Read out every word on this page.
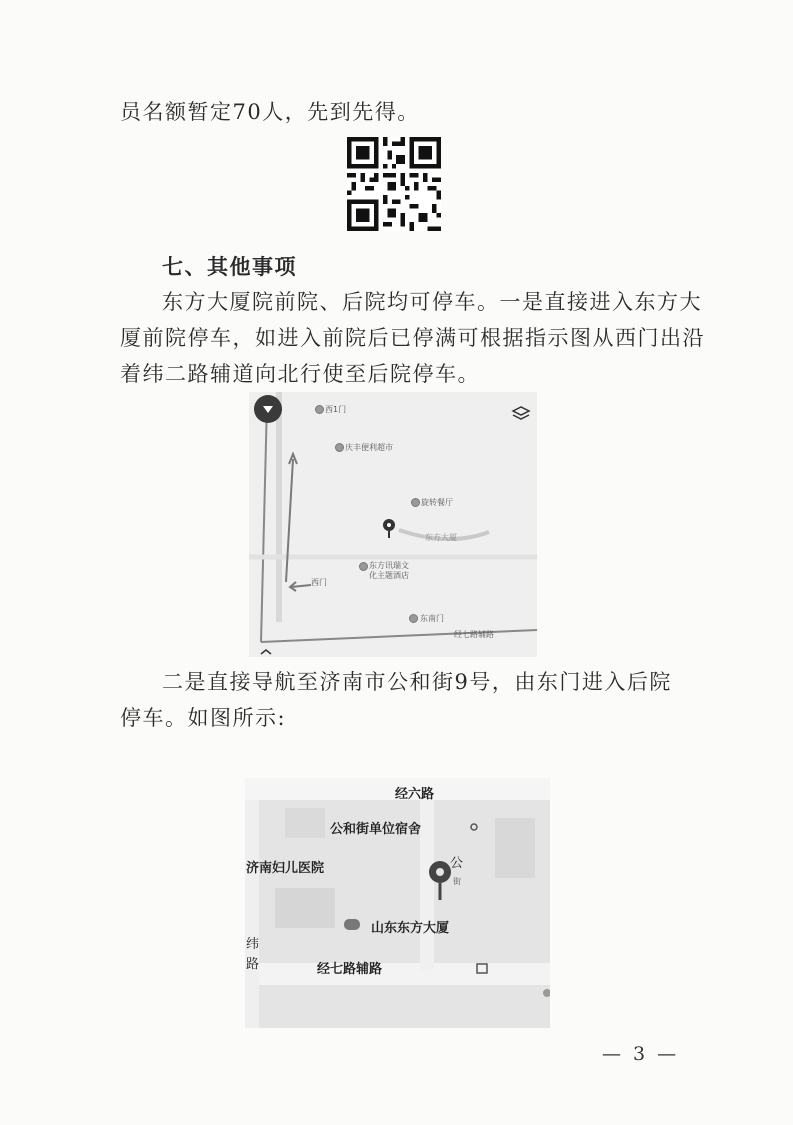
员名额暂定70人，先到先得。
七、其他事项
东方大厦院前院、后院均可停车。一是直接进入东方大
厦前院停车，如进入前院后已停满可根据指示图从西门出沿
着纬二路辅道向北行使至后院停车。
西1门
庆丰便利超市
旋转餐厅
东方大厦
东方讯瑞文
化主题酒店
西门
东南门
经七路辅路
二是直接导航至济南市公和街9号，由东门进入后院
停车。如图所示:
经六路
公和街单位宿舍
济南妇儿医院	公
街
山东东方大厦
纬
路	经七路辅路
— 3 —
